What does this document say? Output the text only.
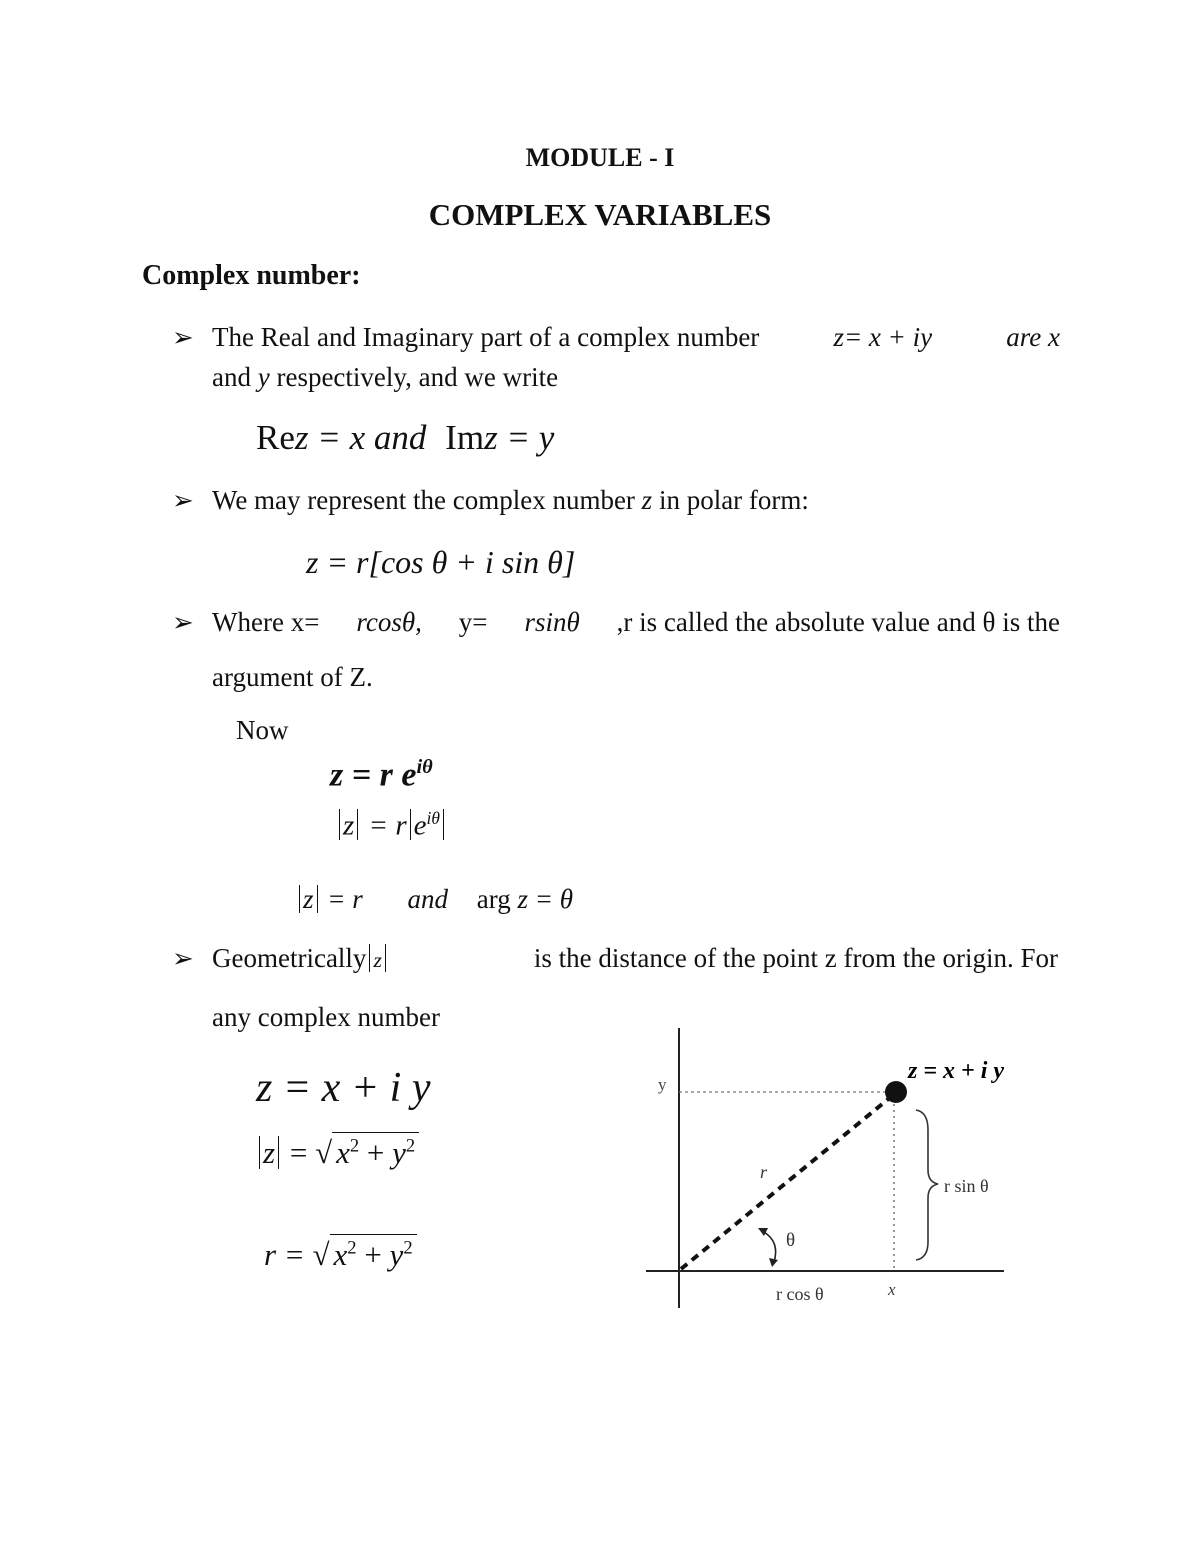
MODULE - I
COMPLEX VARIABLES
Complex number:
➢ The Real and Imaginary part of a complex number	z= x + iy	are x
and y respectively, and we write
Rez = x and Imz = y
➢ We may represent the complex number z in polar form:
z = r[cos θ + i sin θ]
➢ Where x= rcosθ, y= rsinθ ,r is called the absolute value and θ is the
argument of Z.
Now
z = r $e^{i\theta}$
z = r $e^{i\theta}$
z = r and arg z = θ
➢ Geometrically z	is the distance of the point z from the origin. For
any complex number
z = x + i y
z = √ $x^2 + y^2$
r = √ $x^2 + y^2$
z = x + i y
y
x
r
θ
r sin θ
r cos θ
